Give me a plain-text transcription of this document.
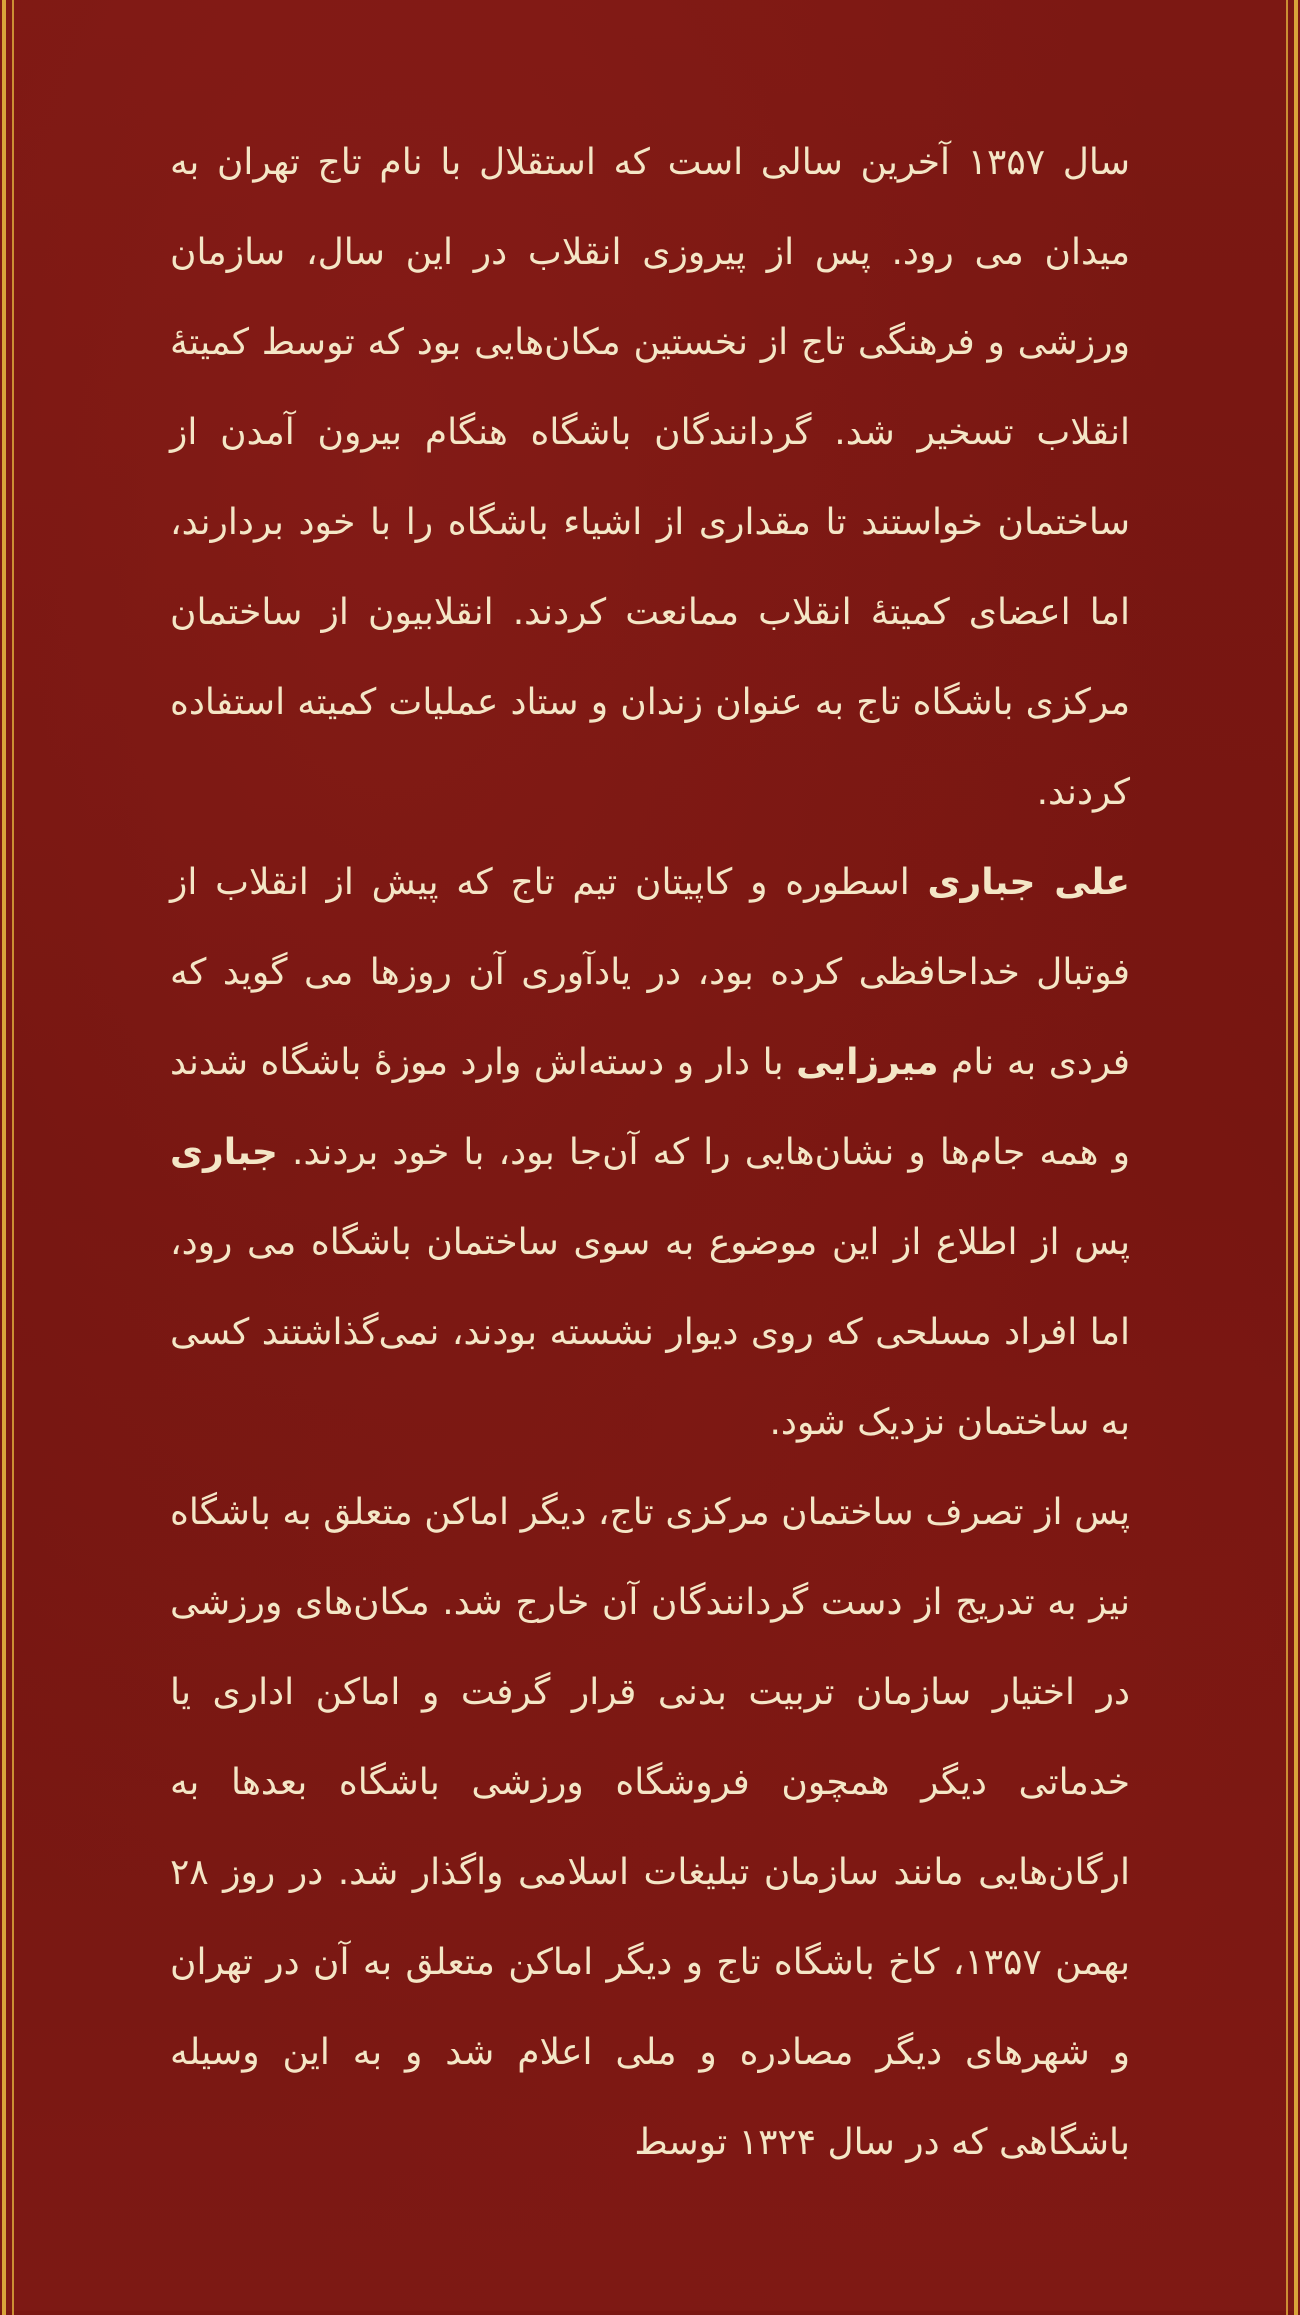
سال ۱۳۵۷ آخرین سالی است که استقلال با نام تاج تهران به میدان می رود. پس از پیروزی انقلاب در این سال، سازمان ورزشی و فرهنگی تاج از نخستین مکان‌هایی بود که توسط کمیتهٔ انقلاب تسخیر شد. گردانندگان باشگاه هنگام بیرون آمدن از ساختمان خواستند تا مقداری از اشیاء باشگاه را با خود بردارند، اما اعضای کمیتهٔ انقلاب ممانعت کردند. انقلابیون از ساختمان مرکزی باشگاه تاج به عنوان زندان و ستاد عملیات کمیته استفاده کردند.

علی جباری اسطوره و کاپیتان تیم تاج که پیش از انقلاب از فوتبال خداحافظی کرده بود، در یادآوری آن روزها می گوید که فردی به نام میرزایی با دار و دسته‌اش وارد موزهٔ باشگاه شدند و همه جام‌ها و نشان‌هایی را که آن‌جا بود، با خود بردند. جباری پس از اطلاع از این موضوع به سوی ساختمان باشگاه می رود، اما افراد مسلحی که روی دیوار نشسته بودند، نمی‌گذاشتند کسی به ساختمان نزدیک شود.

پس از تصرف ساختمان مرکزی تاج، دیگر اماکن متعلق به باشگاه نیز به تدریج از دست گردانندگان آن خارج شد. مکان‌های ورزشی در اختیار سازمان تربیت بدنی قرار گرفت و اماکن اداری یا خدماتی دیگر همچون فروشگاه ورزشی باشگاه بعدها به ارگان‌هایی مانند سازمان تبلیغات اسلامی واگذار شد. در روز ۲۸ بهمن ۱۳۵۷، کاخ باشگاه تاج و دیگر اماکن متعلق به آن در تهران و شهرهای دیگر مصادره و ملی اعلام شد و به این وسیله باشگاهی که در سال ۱۳۲۴ توسط
